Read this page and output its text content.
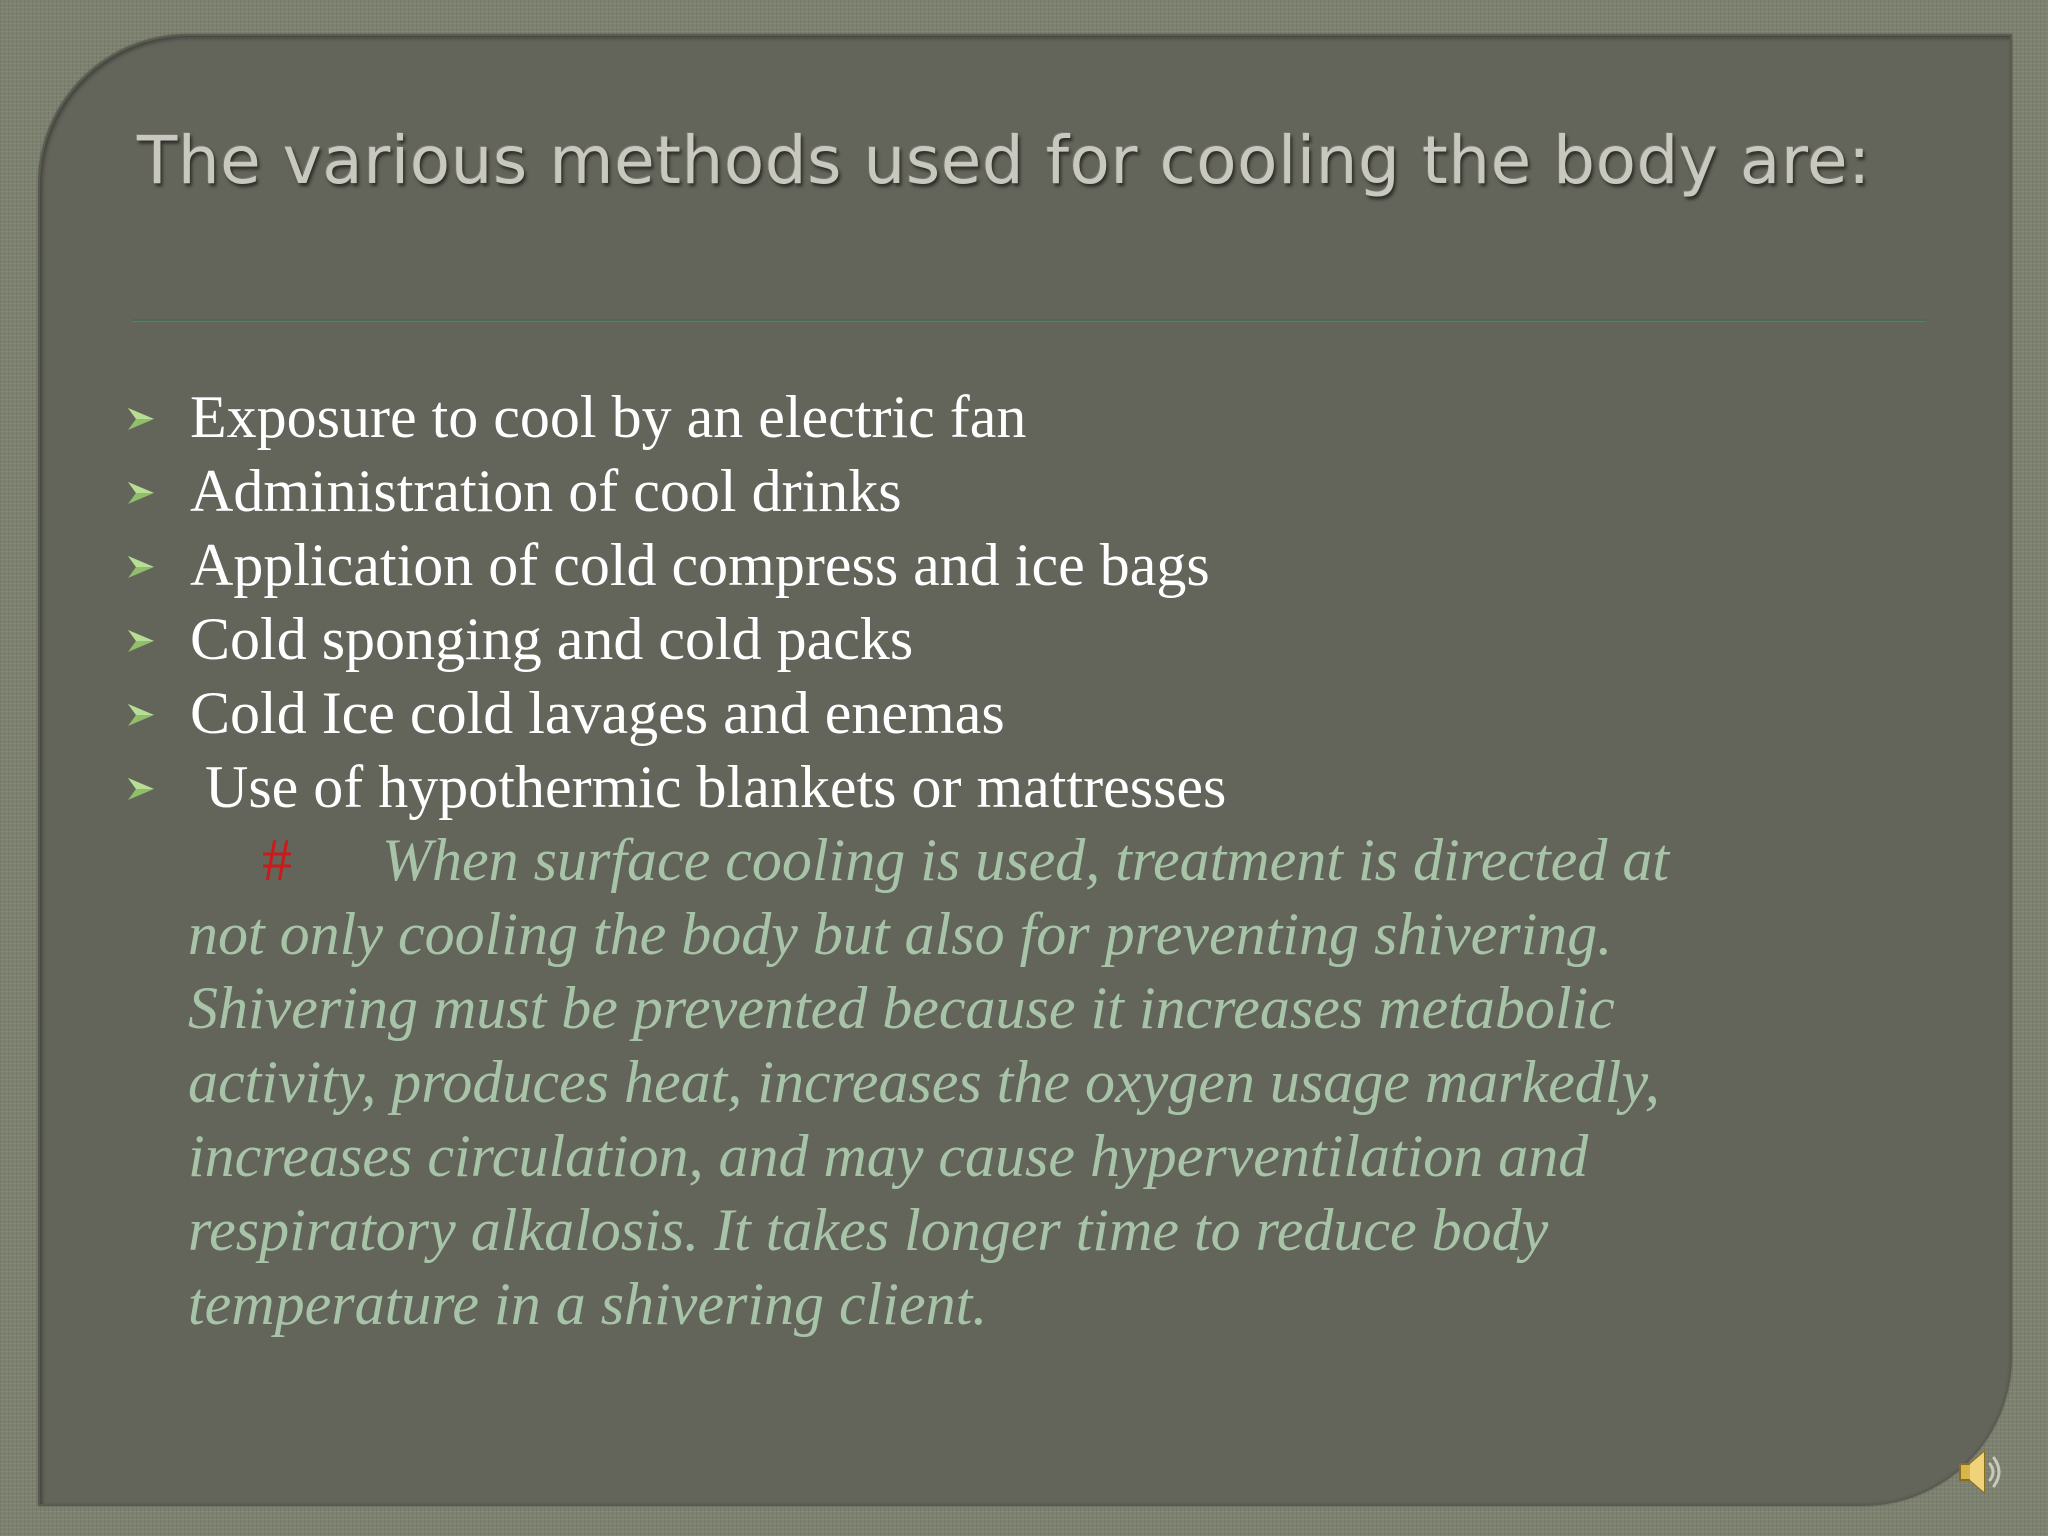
The various methods used for cooling the body are:
Exposure to cool by an electric fan
Administration of cool drinks
Application of cold compress and ice bags
Cold sponging and cold packs
Cold Ice cold lavages and enemas
Use of hypothermic blankets or mattresses
# When surface cooling is used, treatment is directed at
not only cooling the body but also for preventing shivering.
Shivering must be prevented because it increases metabolic
activity, produces heat, increases the oxygen usage markedly,
increases circulation, and may cause hyperventilation and
respiratory alkalosis. It takes longer time to reduce body
temperature in a shivering client.
